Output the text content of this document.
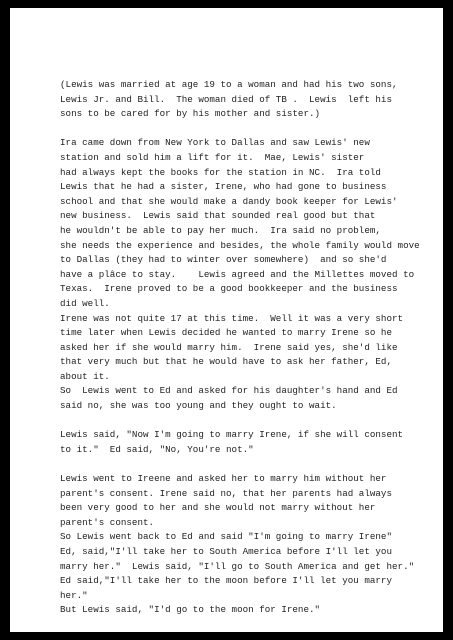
(Lewis was married at age 19 to a woman and had his two sons,
Lewis Jr. and Bill.  The woman died of TB .  Lewis  left his
sons to be cared for by his mother and sister.)
Ira came down from New York to Dallas and saw Lewis' new
station and sold him a lift for it.  Mae, Lewis' sister
had always kept the books for the station in NC.  Ira told
Lewis that he had a sister, Irene, who had gone to business
school and that she would make a dandy book keeper for Lewis'
new business.  Lewis said that sounded real good but that
he wouldn't be able to pay her much.  Ira said no problem,
she needs the experience and besides, the whole family would move
to Dallas (they had to winter over somewhere)  and so she'd
have a plâce to stay.    Lewis agreed and the Millettes moved to
Texas.  Irene proved to be a good bookkeeper and the business
did well.
Irene was not quite 17 at this time.  Well it was a very short
time later when Lewis decided he wanted to marry Irene so he
asked her if she would marry him.  Irene said yes, she'd like
that very much but that he would have to ask her father, Ed,
about it.
So  Lewis went to Ed and asked for his daughter's hand and Ed
said no, she was too young and they ought to wait.
Lewis said, "Now I'm going to marry Irene, if she will consent
to it."  Ed said, "No, You're not."
Lewis went to Ireene and asked her to marry him without her
parent's consent. Irene said no, that her parents had always
been very good to her and she would not marry without her
parent's consent.
So Lewis went back to Ed and said "I'm going to marry Irene"
Ed, said,"I'll take her to South America before I'll let you
marry her."  Lewis said, "I'll go to South America and get her."
Ed said,"I'll take her to the moon before I'll let you marry
her."
But Lewis said, "I'd go to the moon for Irene."
